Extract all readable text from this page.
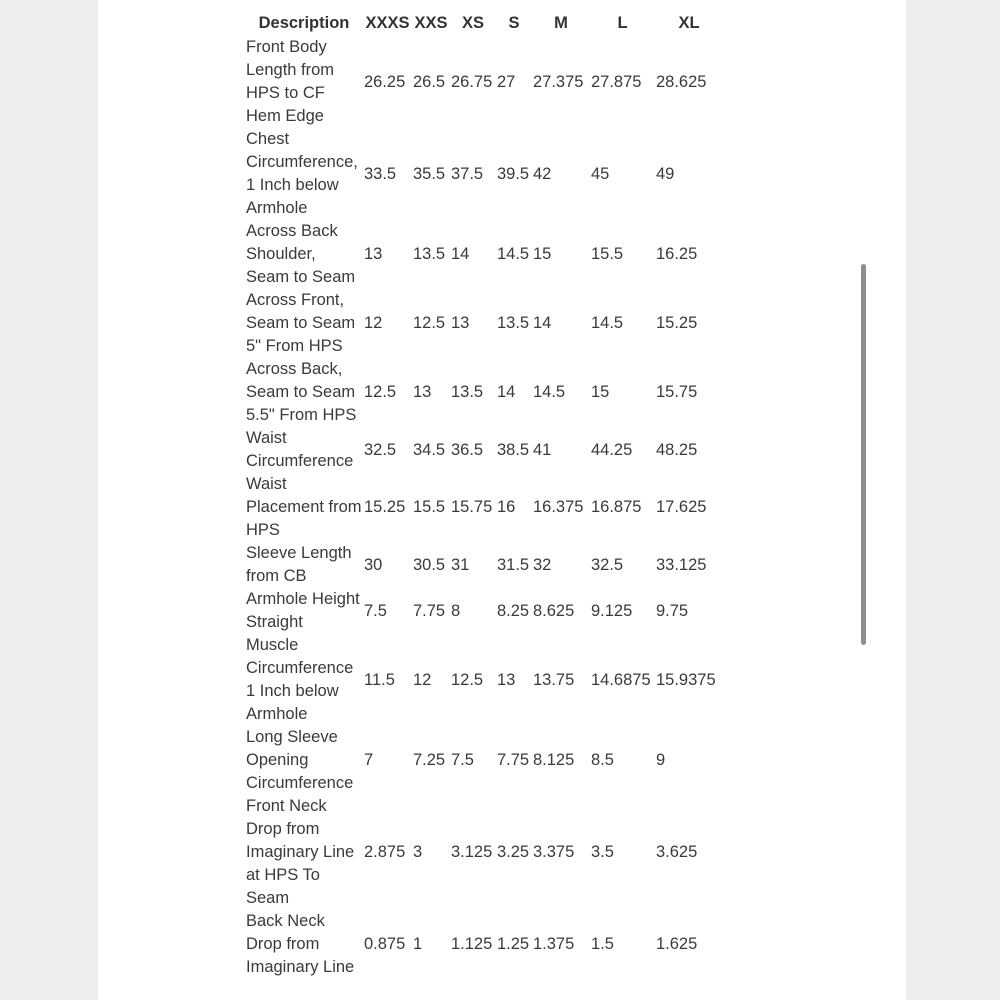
Description	XXXS	XXS	XS	S	M	L	XL
Front Body Length from HPS to CF Hem Edge	26.25	26.5	26.75	27	27.375	27.875	28.625
Chest Circumference, 1 Inch below Armhole	33.5	35.5	37.5	39.5	42	45	49
Across Back Shoulder, Seam to Seam	13	13.5	14	14.5	15	15.5	16.25
Across Front, Seam to Seam 5" From HPS	12	12.5	13	13.5	14	14.5	15.25
Across Back, Seam to Seam 5.5" From HPS	12.5	13	13.5	14	14.5	15	15.75
Waist Circumference	32.5	34.5	36.5	38.5	41	44.25	48.25
Waist Placement from HPS	15.25	15.5	15.75	16	16.375	16.875	17.625
Sleeve Length from CB	30	30.5	31	31.5	32	32.5	33.125
Armhole Height Straight	7.5	7.75	8	8.25	8.625	9.125	9.75
Muscle Circumference 1 Inch below Armhole	11.5	12	12.5	13	13.75	14.6875	15.9375
Long Sleeve Opening Circumference	7	7.25	7.5	7.75	8.125	8.5	9
Front Neck Drop from Imaginary Line at HPS To Seam	2.875	3	3.125	3.25	3.375	3.5	3.625
Back Neck Drop from Imaginary Line	0.875	1	1.125	1.25	1.375	1.5	1.625
